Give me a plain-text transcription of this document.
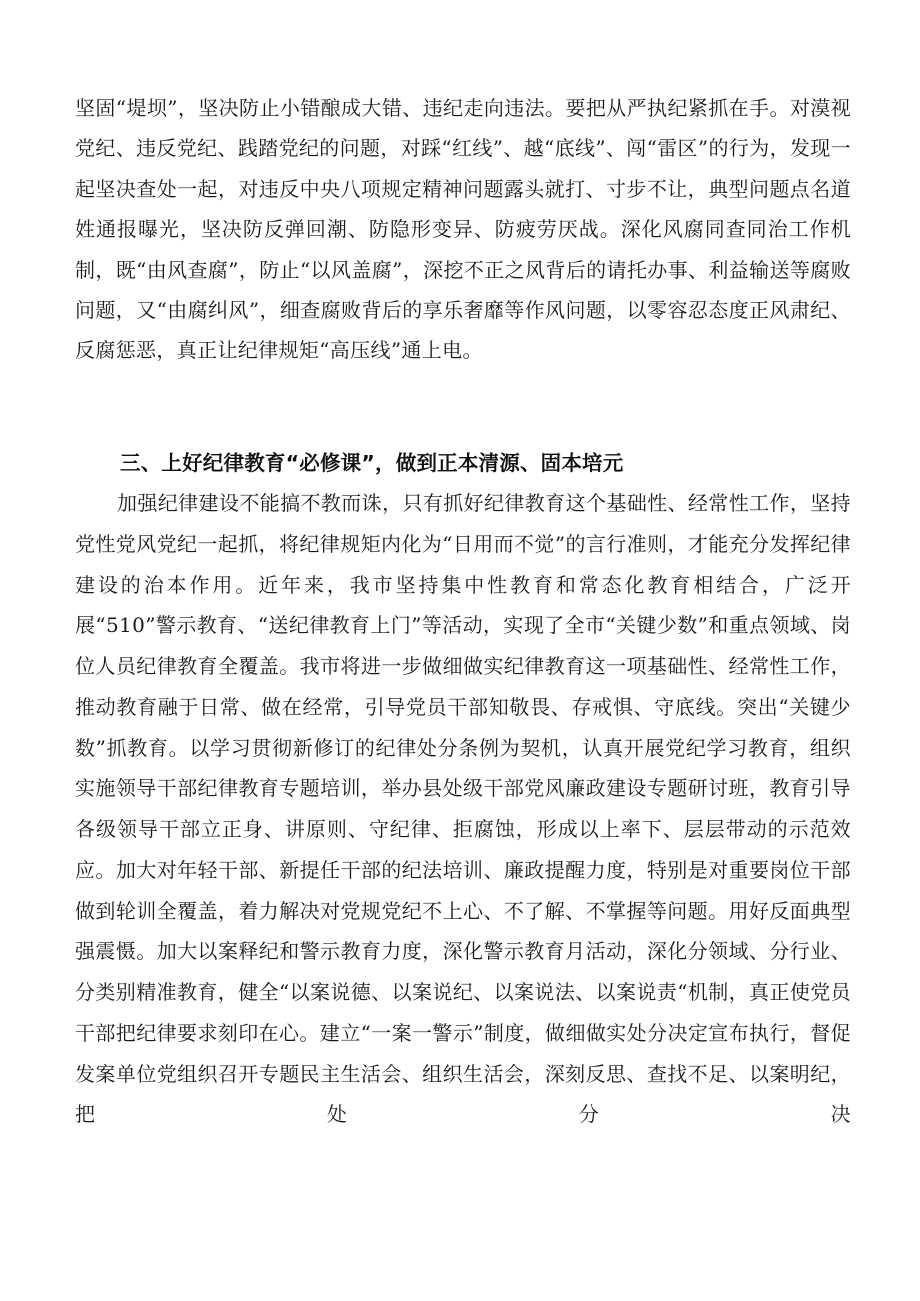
坚固“堤坝”，坚决防止小错酿成大错、违纪走向违法。要把从严执纪紧抓在手。对漠视党纪、违反党纪、践踏党纪的问题，对踩“红线”、越“底线”、闯“雷区”的行为，发现一起坚决查处一起，对违反中央八项规定精神问题露头就打、寸步不让，典型问题点名道姓通报曝光，坚决防反弹回潮、防隐形变异、防疲劳厌战。深化风腐同查同治工作机制，既“由风查腐”，防止“以风盖腐”，深挖不正之风背后的请托办事、利益输送等腐败问题，又“由腐纠风”，细查腐败背后的享乐奢靡等作风问题，以零容忍态度正风肃纪、反腐惩恶，真正让纪律规矩“高压线”通上电。

三、上好纪律教育“必修课”，做到正本清源、固本培元

加强纪律建设不能搞不教而诛，只有抓好纪律教育这个基础性、经常性工作，坚持党性党风党纪一起抓，将纪律规矩内化为“日用而不觉”的言行准则，才能充分发挥纪律建设的治本作用。近年来，我市坚持集中性教育和常态化教育相结合，广泛开展“510”警示教育、“送纪律教育上门”等活动，实现了全市“关键少数”和重点领域、岗位人员纪律教育全覆盖。我市将进一步做细做实纪律教育这一项基础性、经常性工作，推动教育融于日常、做在经常，引导党员干部知敬畏、存戒惧、守底线。突出“关键少数”抓教育。以学习贯彻新修订的纪律处分条例为契机，认真开展党纪学习教育，组织实施领导干部纪律教育专题培训，举办县处级干部党风廉政建设专题研讨班，教育引导各级领导干部立正身、讲原则、守纪律、拒腐蚀，形成以上率下、层层带动的示范效应。加大对年轻干部、新提任干部的纪法培训、廉政提醒力度，特别是对重要岗位干部做到轮训全覆盖，着力解决对党规党纪不上心、不了解、不掌握等问题。用好反面典型强震慑。加大以案释纪和警示教育力度，深化警示教育月活动，深化分领域、分行业、分类别精准教育，健全“以案说德、以案说纪、以案说法、以案说责“机制，真正使党员干部把纪律要求刻印在心。建立“一案一警示”制度，做细做实处分决定宣布执行，督促发案单位党组织召开专题民主生活会、组织生活会，深刻反思、查找不足、以案明纪，把处分决
